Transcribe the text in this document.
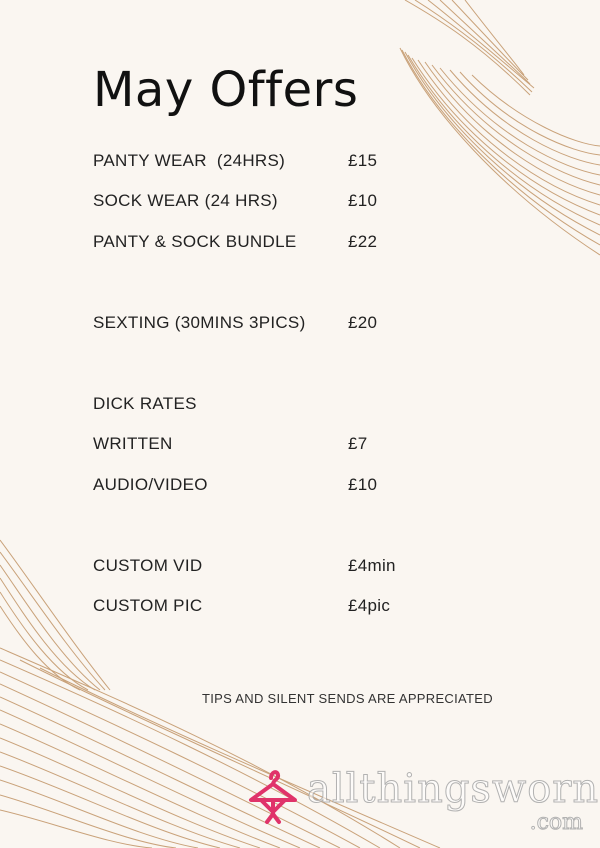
May Offers
PANTY WEAR  (24HRS)	£15
SOCK WEAR (24 HRS)	£10
PANTY & SOCK BUNDLE	£22
SEXTING (30MINS 3PICS) £20
DICK RATES
WRITTEN	£7
AUDIO/VIDEO	£10
CUSTOM VID	£4min
CUSTOM PIC	£4pic
TIPS AND SILENT SENDS ARE APPRECIATED
allthingsworn
.com
